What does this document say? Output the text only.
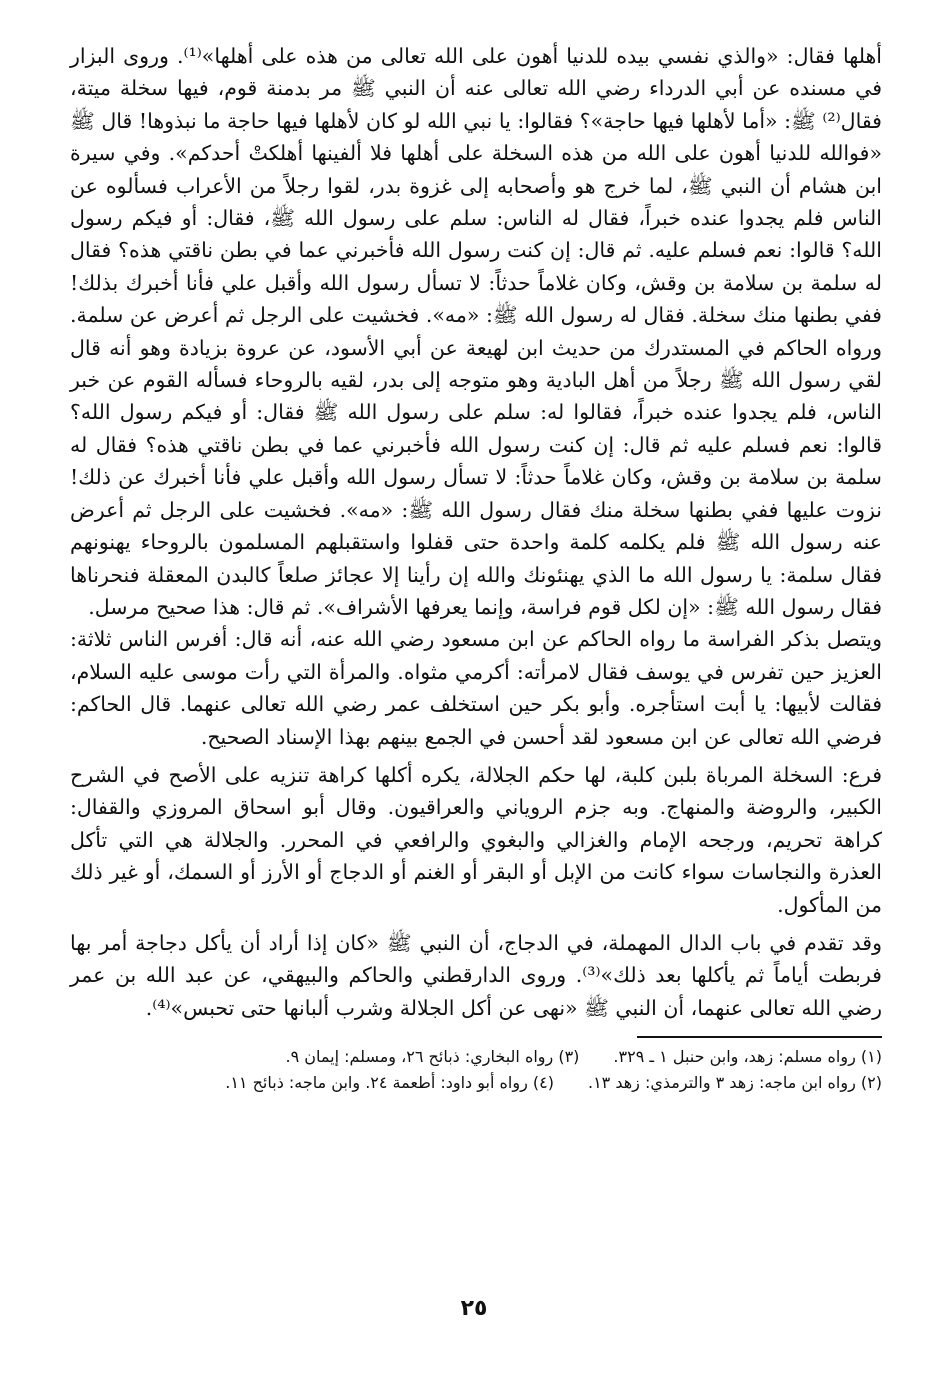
أهلها فقال: «والذي نفسي بيده للدنيا أهون على الله تعالى من هذه على أهلها»⁽¹⁾. وروى البزار في مسنده عن أبي الدرداء رضي الله تعالى عنه أن النبي ﷺ مر بدمنة قوم، فيها سخلة ميتة، فقال⁽²⁾ ﷺ: «أما لأهلها فيها حاجة»؟ فقالوا: يا نبي الله لو كان لأهلها فيها حاجة ما نبذوها! قال ﷺ «فوالله للدنيا أهون على الله من هذه السخلة على أهلها فلا ألفينها أهلكتْ أحدكم». وفي سيرة ابن هشام أن النبي ﷺ، لما خرج هو وأصحابه إلى غزوة بدر، لقوا رجلاً من الأعراب فسألوه عن الناس فلم يجدوا عنده خبراً، فقال له الناس: سلم على رسول الله ﷺ، فقال: أو فيكم رسول الله؟ قالوا: نعم فسلم عليه. ثم قال: إن كنت رسول الله فأخبرني عما في بطن ناقتي هذه؟ فقال له سلمة بن سلامة بن وقش، وكان غلاماً حدثاً: لا تسأل رسول الله وأقبل علي فأنا أخبرك بذلك! ففي بطنها منك سخلة. فقال له رسول الله ﷺ: «مه». فخشيت على الرجل ثم أعرض عن سلمة. ورواه الحاكم في المستدرك من حديث ابن لهيعة عن أبي الأسود، عن عروة بزيادة وهو أنه قال لقي رسول الله ﷺ رجلاً من أهل البادية وهو متوجه إلى بدر، لقيه بالروحاء فسأله القوم عن خبر الناس، فلم يجدوا عنده خبراً، فقالوا له: سلم على رسول الله ﷺ فقال: أو فيكم رسول الله؟ قالوا: نعم فسلم عليه ثم قال: إن كنت رسول الله فأخبرني عما في بطن ناقتي هذه؟ فقال له سلمة بن سلامة بن وقش، وكان غلاماً حدثاً: لا تسأل رسول الله وأقبل علي فأنا أخبرك عن ذلك! نزوت عليها ففي بطنها سخلة منك فقال رسول الله ﷺ: «مه». فخشيت على الرجل ثم أعرض عنه رسول الله ﷺ فلم يكلمه كلمة واحدة حتى قفلوا واستقبلهم المسلمون بالروحاء يهنونهم فقال سلمة: يا رسول الله ما الذي يهنئونك والله إن رأينا إلا عجائز صلعاً كالبدن المعقلة فنحرناها فقال رسول الله ﷺ: «إن لكل قوم فراسة، وإنما يعرفها الأشراف». ثم قال: هذا صحيح مرسل.

ويتصل بذكر الفراسة ما رواه الحاكم عن ابن مسعود رضي الله عنه، أنه قال: أفرس الناس ثلاثة: العزيز حين تفرس في يوسف فقال لامرأته: أكرمي مثواه. والمرأة التي رأت موسى عليه السلام، فقالت لأبيها: يا أبت استأجره. وأبو بكر حين استخلف عمر رضي الله تعالى عنهما. قال الحاكم: فرضي الله تعالى عن ابن مسعود لقد أحسن في الجمع بينهم بهذا الإسناد الصحيح.

فرع: السخلة المرباة بلبن كلبة، لها حكم الجلالة، يكره أكلها كراهة تنزيه على الأصح في الشرح الكبير، والروضة والمنهاج. وبه جزم الروياني والعراقيون. وقال أبو اسحاق المروزي والقفال: كراهة تحريم، ورجحه الإمام والغزالي والبغوي والرافعي في المحرر. والجلالة هي التي تأكل العذرة والنجاسات سواء كانت من الإبل أو البقر أو الغنم أو الدجاج أو الأرز أو السمك، أو غير ذلك من المأكول.

وقد تقدم في باب الدال المهملة، في الدجاج، أن النبي ﷺ «كان إذا أراد أن يأكل دجاجة أمر بها فربطت أياماً ثم يأكلها بعد ذلك»⁽³⁾. وروى الدارقطني والحاكم والبيهقي، عن عبد الله بن عمر رضي الله تعالى عنهما، أن النبي ﷺ «نهى عن أكل الجلالة وشرب ألبانها حتى تحبس»⁽⁴⁾.

(١) رواه مسلم: زهد، وابن حنبل ١ ـ ٣٢٩.
(٣) رواه البخاري: ذبائح ٢٦، ومسلم: إيمان ٩.
(٢) رواه ابن ماجه: زهد ٣ والترمذي: زهد ١٣.
(٤) رواه أبو داود: أطعمة ٢٤. وابن ماجه: ذبائح ١١.
٢٥
